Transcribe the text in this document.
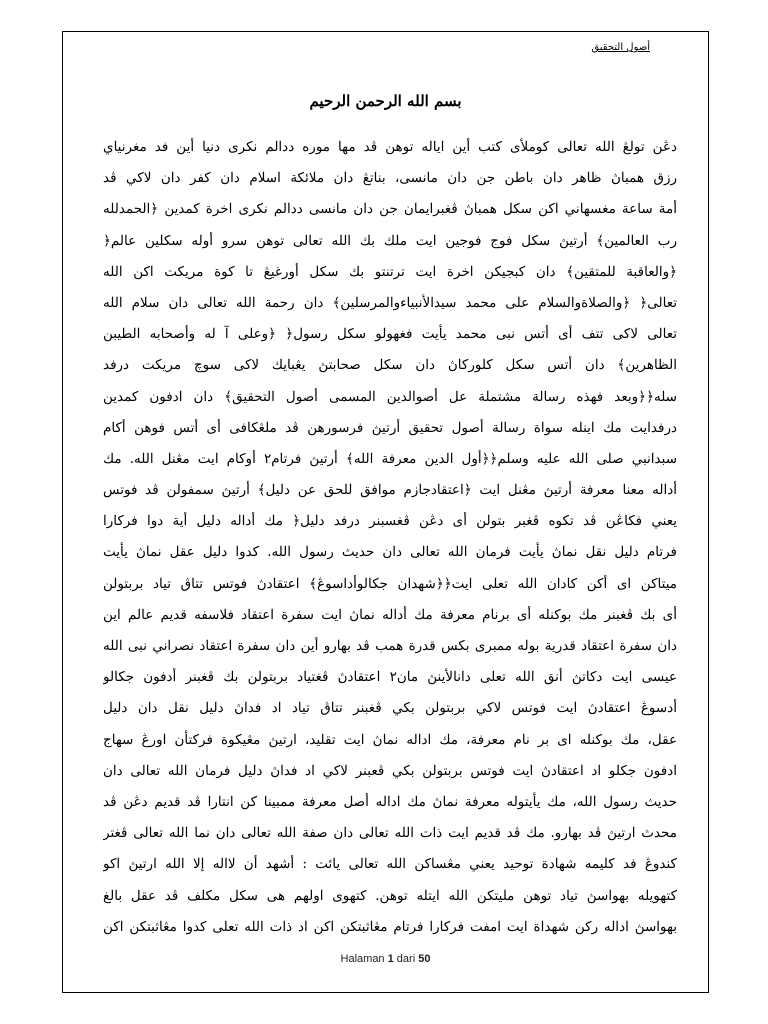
أصول التحقيق
بسم الله الرحمن الرحيم
دڠن تولڠ الله تعالى كوملأى كتب أين اياله توهن ڤد مها موره ددالم نكرى دنيا أين فد مغرنياي
رزق همباڽ ظاهر دان باطن جن دان مانسى، بناتڠ دان ملائكة اسلام دان كفر دان لاكي ڤد
أمة ساعة مغسهاني اكن سكل همباڽ ڤغبرايمان جن دان مانسى ددالم نكرى اخرة كمدين ﴿الحمدلله
رب العالمين﴾ أرتيڽ سكل فوج فوجين ايت ملك بك الله تعالى توهن سرو أوله سكلين عالم﴿
﴿والعاقبة للمتقين﴾ دان كبجيكن اخرة ايت ترتنتو بك سكل أورغيڠ تا كوة مريكت اكن الله
تعالى﴿ ﴿والصلاةوالسلام على محمد سيدالأنبياءوالمرسلين﴾ دان رحمة الله تعالى دان سلام الله
تعالى لاكى تتف أى أتس نبى محمد يأيت فغهولو سكل رسول﴿ ﴿وعلى آ له وأصحابه الطيبن
الظاهرين﴾ دان أتس سكل كلوركاڽ دان سكل صحابتڽ يڠبايك لاكى سوچ مريكت درفد
سله﴿﴿وبعد فهذه رسالة مشتملة عل أصوالدين المسمى أصول التحقيق﴾ دان ادفون كمدين
درفدايت مك اينله سواة رسالة أصول تحقيق أرتيڽ فرسورهن ڤد ملڠكافى أى أتس فوهن أكام
سبدانبي صلى الله عليه وسلم﴿﴿أول الدين معرفة الله﴾ أرتيڽ فرتام٢ أوكام ايت مڠنل الله. مك
أداله معنا معرفة أرتيڽ مڠنل ايت ﴿اعتقادجازم موافق للحق عن دليل﴾ أرتيڽ سمفولن ڤد فوتس
يعني فكاڠن ڤد تكوه ڤغبر بتولن أى دڠن ڤغسبنر درفد دليل﴿ مك أداله دليل أية دوا فركارا
فرتام دليل نقل نماڽ يأيت فرمان الله تعالى دان حديث رسول الله. كدوا دليل عقل نماڽ يأيت
ميتاكن اى أكن كادان الله تعلى ايت﴿﴿شهدان جكالوأداسوڠ﴾ اعتقادڽ فوتس تتاڨ تياد بربتولن
أى بك ڤغبنر مك بوكنله أى برنام معرفة مك أداله نماڽ ايت سفرة اعتقاد فلاسفه قديم عالم اين
دان سفرة اعتقاد قدرية بوله ممبرى بكس قدرة همب ڤد بهارو أين دان سفرة اعتقاد نصراني نبى الله
عيسى ايت دكاتڽ أنق الله تعلى دانالأينڽ مان٢ اعتقادڽ ڤغتياد بربتولن بك ڤغبنر أدفون جكالو
أدسوڠ اعتقادڽ ايت فوتس لاكي بربتولن بكي ڤغبنر تتاڨ تياد اد فداڽ دليل نقل دان دليل
عقل، مك بوكنله اى بر نام معرفة، مك اداله نماڽ ايت تقليد، ارتيڽ مڠيكوة فركتأن اورڠ سهاج
ادفون جكلو اد اعتقادڽ ايت فوتس بربتولن بكي ڤعبنر لاكي اد فداڽ دليل فرمان الله تعالى دان
حديث رسول الله، مك يأيتوله معرفة نماڽ مك اداله أصل معرفة ممبينا كن انتارا ڤد قديم دڠن ڤد
محدث ارتيڽ ڤد بهارو. مك ڤد قديم ايت ذات الله تعالى دان صفة الله تعالى دان نما الله تعالى ڤغتر
كندوڠ فد كليمه شهادة توحيد يعني مڠساكن الله تعالى يائت : أشهد أن لااله إلا الله ارتيڽ اكو
كتهويله بهواسڽ تياد توهن مليتكن الله ايتله توهن. كتهوى اولهم هى سكل مكلف ڤد عقل بالغ
بهواسڽ اداله ركن شهداة ايت امفت فركارا فرتام مڠاثبتكن اكن اد ذات الله تعلى كدوا مڠاثبتكن اكن
Halaman 1 dari 50
